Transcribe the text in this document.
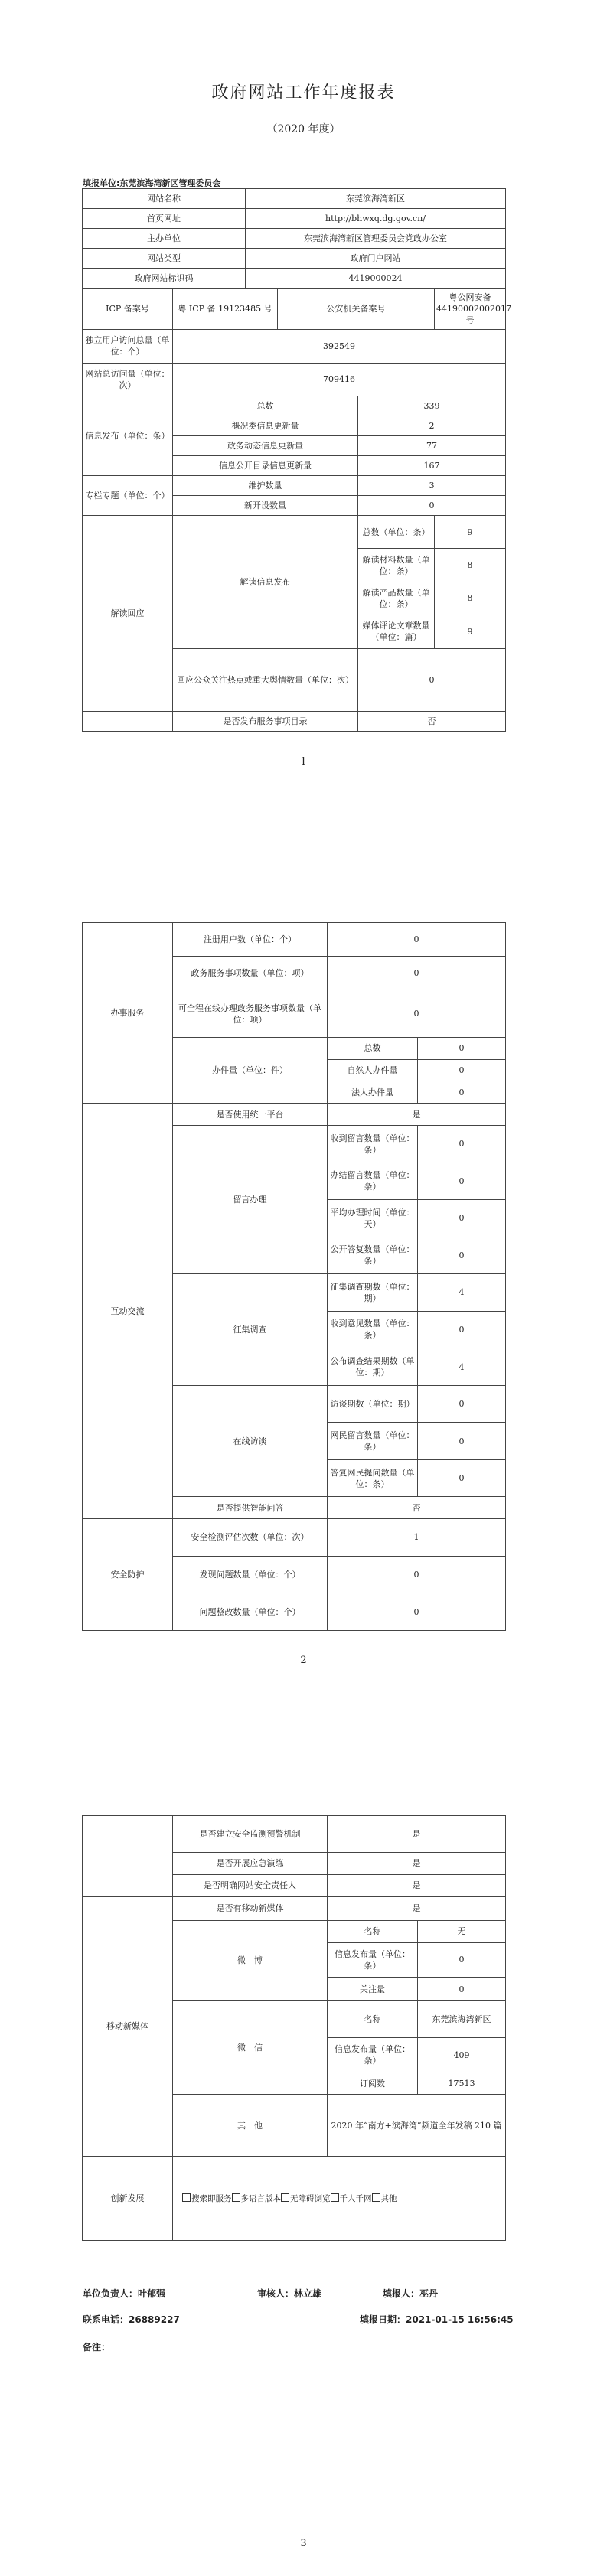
政府网站工作年度报表
（2020 年度）
填报单位:东莞滨海湾新区管理委员会
网站名称		东莞滨海湾新区			
首页网址		http://bhwxq.dg.gov.cn/			
主办单位		东莞滨海湾新区管理委员会党政办公室			
网站类型		政府门户网站			
政府网站标识码		4419000024			
ICP 备案号	粤 ICP 备 19123485 号		公安机关备案号		粤公网安备 44190002002017 号
独立用户访问总量（单位：个）	392549				
网站总访问量（单位：次）	709416				
信息发布（单位：条）	总数			339	
	概况类信息更新量			2	
	政务动态信息更新量			77	
	信息公开目录信息更新量			167	
专栏专题（单位：个）	维护数量			3	
	新开设数量			0	
解读回应	解读信息发布			总数（单位：条）	9
				解读材料数量（单位：条）	8
				解读产品数量（单位：条）	8
				媒体评论文章数量（单位：篇）	9
	回应公众关注热点或重大舆情数量（单位：次）			0	
	是否发布服务事项目录			否	
1
办事服务	注册用户数（单位：个）	0	
	政务服务事项数量（单位：项）	0	
	可全程在线办理政务服务事项数量（单位：项）	0	
	办件量（单位：件）	总数	0
		自然人办件量	0
		法人办件量	0
互动交流	是否使用统一平台	是	
	留言办理	收到留言数量（单位：条）	0
		办结留言数量（单位：条）	0
		平均办理时间（单位：天）	0
		公开答复数量（单位：条）	0
	征集调查	征集调查期数（单位：期）	4
		收到意见数量（单位：条）	0
		公布调查结果期数（单位：期）	4
	在线访谈	访谈期数（单位：期）	0
		网民留言数量（单位：条）	0
		答复网民提问数量（单位：条）	0
	是否提供智能问答	否	
安全防护	安全检测评估次数（单位：次）	1	
	发现问题数量（单位：个）	0	
	问题整改数量（单位：个）	0	
2
	是否建立安全监测预警机制	是	
	是否开展应急演练	是	
	是否明确网站安全责任人	是	
移动新媒体	是否有移动新媒体	是	
	微　博	名称	无
		信息发布量（单位：条）	0
		关注量	0
	微　信	名称	东莞滨海湾新区
		信息发布量（单位：条）	409
		订阅数	17513
	其　他	2020 年“南方+滨海湾”频道全年发稿 210 篇	
创新发展	搜索即服务 多语言版本 无障碍浏览 千人千网 其他		
单位负责人：叶郁强	审核人：林立雄	填报人：巫丹
联系电话：26889227	填报日期：2021-01-15 16:56:45
备注：
3
